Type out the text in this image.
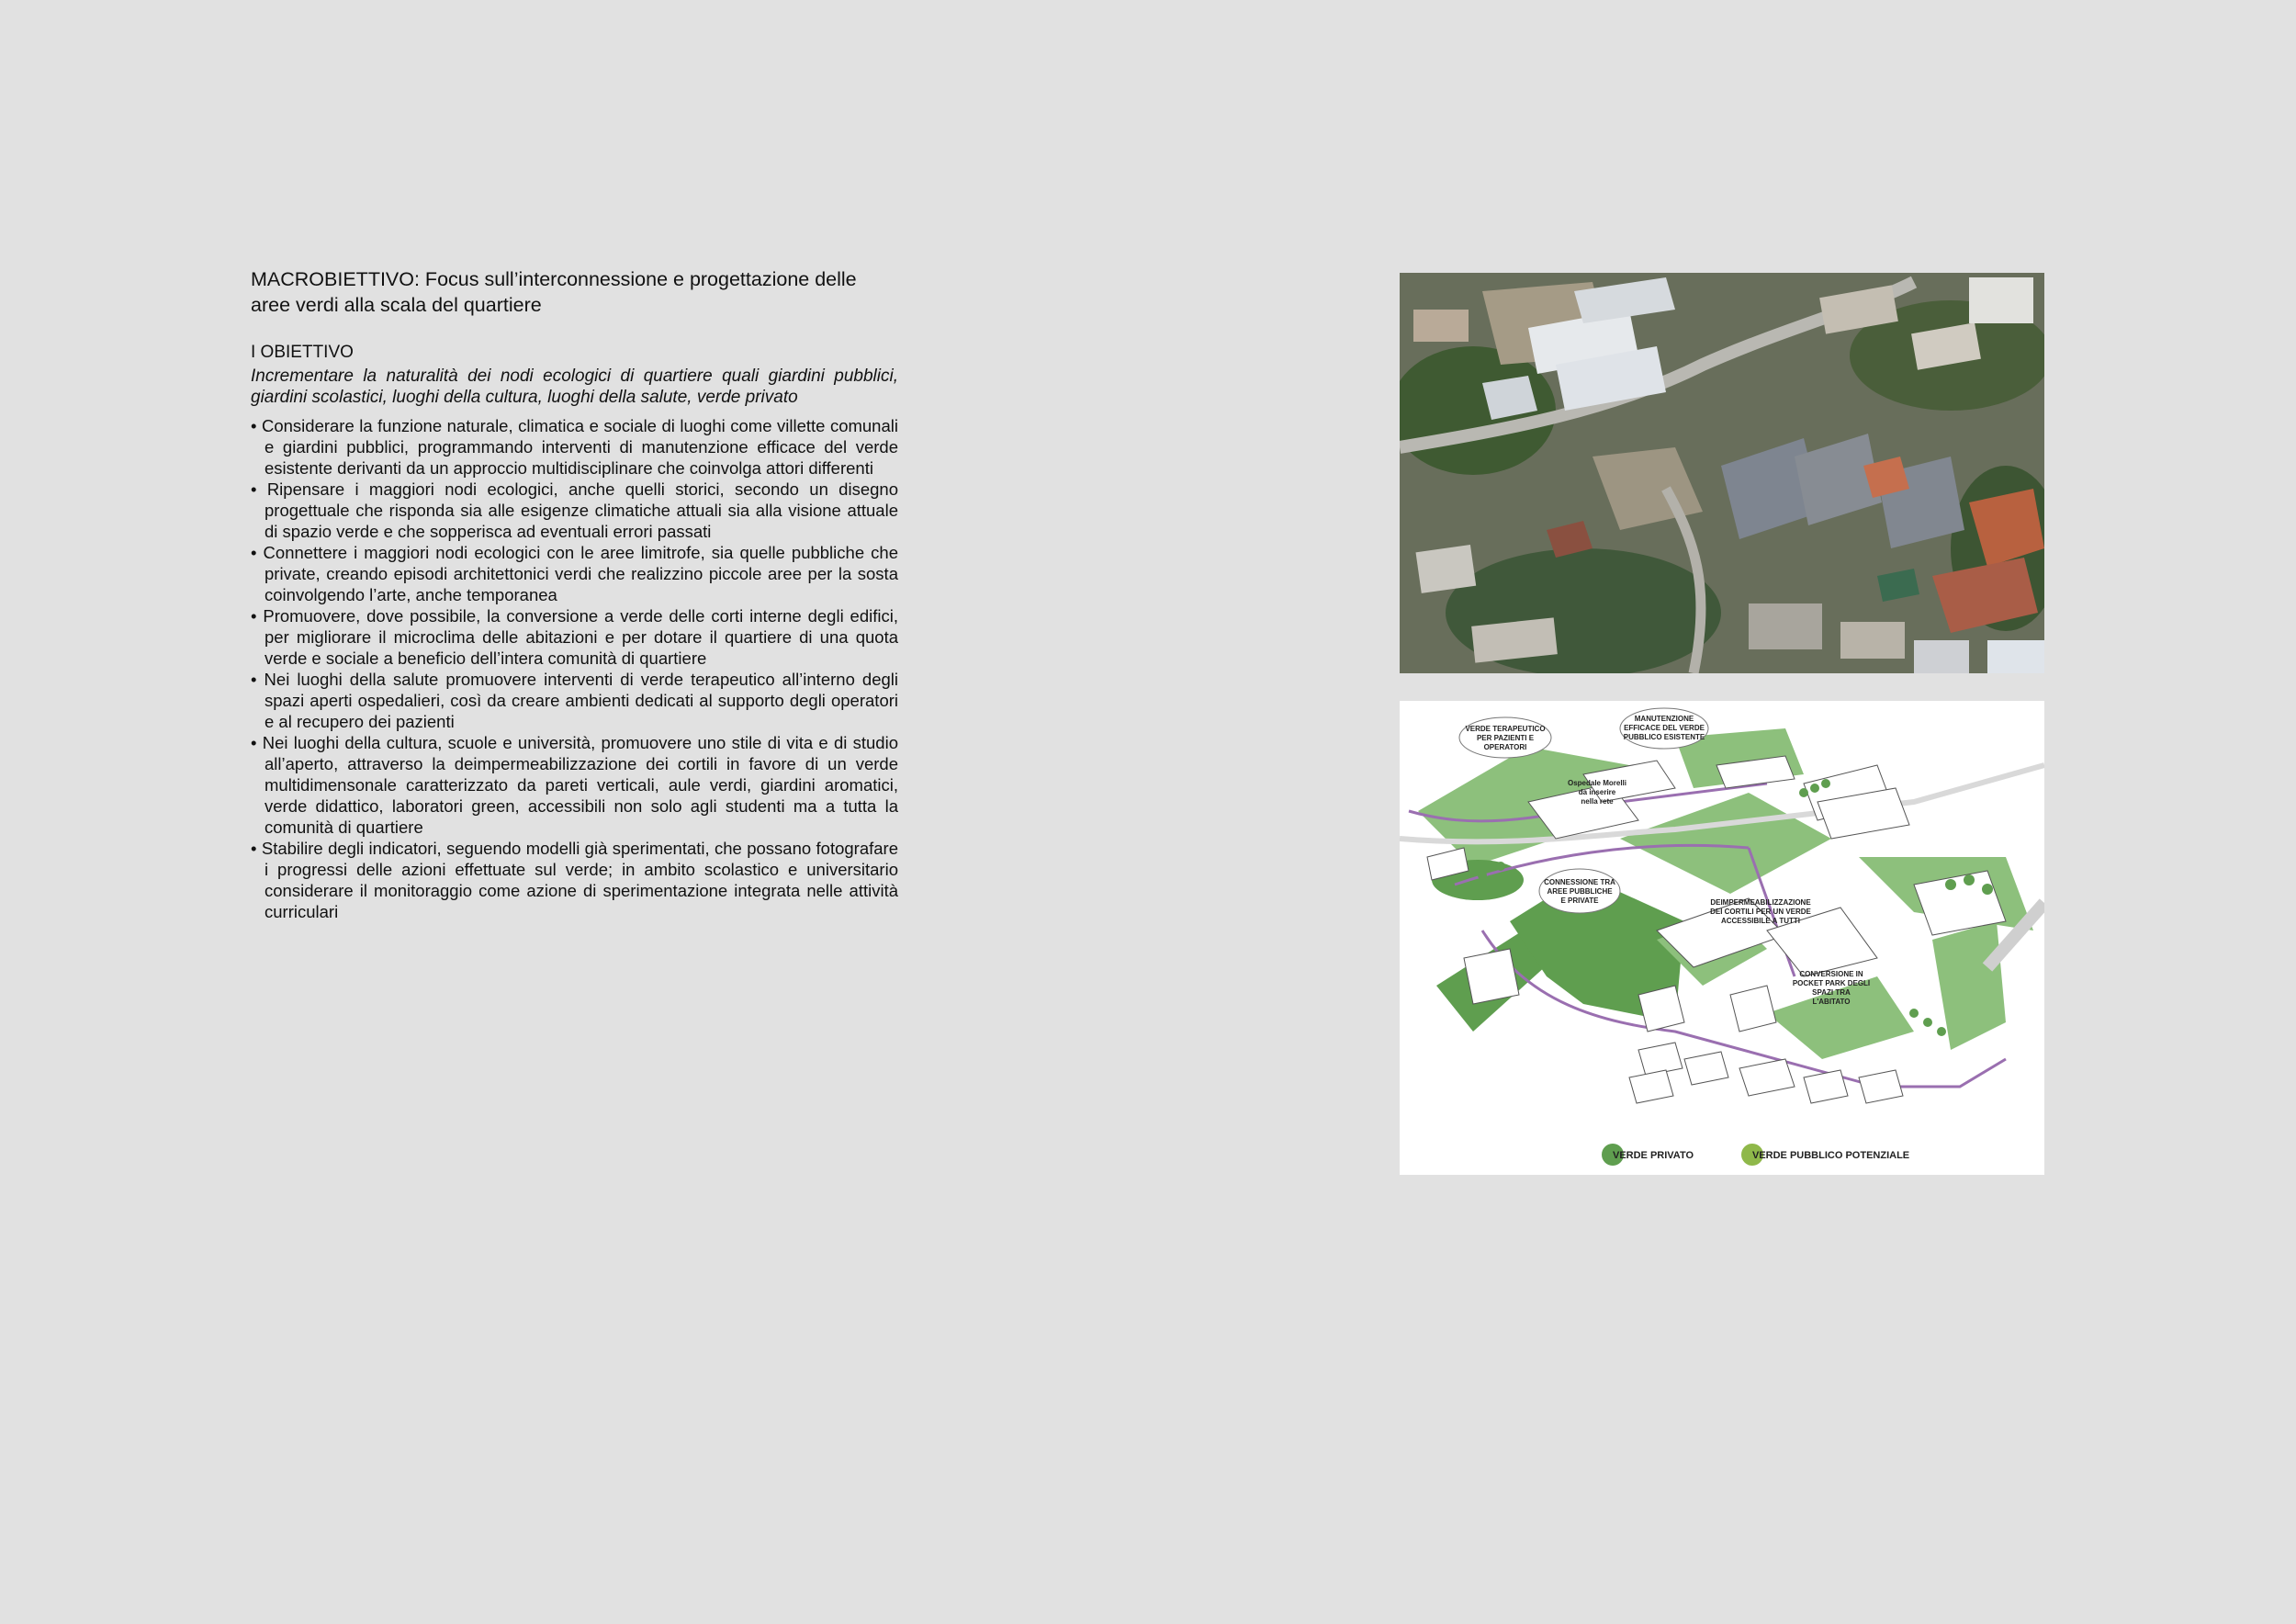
MACROBIETTIVO: Focus sull’interconnessione e progettazione delle
aree verdi alla scala del quartiere
I OBIETTIVO
Incrementare la naturalità dei nodi ecologici di quartiere quali giardini pubblici, giardini scolastici, luoghi della cultura, luoghi della salute, verde privato
• Considerare la funzione naturale, climatica e sociale di luoghi come villette comunali e giardini pubblici, programmando interventi di manutenzione efficace del verde esistente derivanti da un approccio multidisciplinare che coinvolga attori differenti
• Ripensare i maggiori nodi ecologici, anche quelli storici, secondo un disegno progettuale che risponda sia alle esigenze climatiche attuali sia alla visione attuale di spazio verde e che sopperisca ad eventuali errori passati
• Connettere i maggiori nodi ecologici con le aree limitrofe, sia quelle pubbliche che private, creando episodi architettonici verdi che realizzino piccole aree per la sosta coinvolgendo l’arte, anche temporanea
• Promuovere, dove possibile, la conversione a verde delle corti interne degli edifici, per migliorare il microclima delle abitazioni e per dotare il quartiere di una quota verde e sociale a beneficio dell’intera comunità di quartiere
• Nei luoghi della salute promuovere interventi di verde terapeutico all’interno degli spazi aperti ospedalieri, così da creare ambienti dedicati al supporto degli operatori e al recupero dei pazienti
• Nei luoghi della cultura, scuole e università, promuovere uno stile di vita e di studio all’aperto, attraverso la deimpermeabilizzazione dei cortili in favore di un verde multidimensonale caratterizzato da pareti verticali, aule verdi, giardini aromatici, verde didattico, laboratori green, accessibili non solo agli studenti ma a tutta la comunità di quartiere
• Stabilire degli indicatori, seguendo modelli già sperimentati, che possano fotografare i progressi delle azioni effettuate sul verde; in ambito scolastico e universitario considerare il monitoraggio come azione di sperimentazione integrata nelle attività curriculari
VERDE TERAPEUTICO
PER PAZIENTI E
OPERATORI
MANUTENZIONE
EFFICACE DEL VERDE
PUBBLICO ESISTENTE
Ospedale Morelli
da inserire
nella rete
CONNESSIONE TRA
AREE PUBBLICHE
E PRIVATE	DEIMPERMEABILIZZAZIONE
DEI CORTILI PER UN VERDE
ACCESSIBILE A TUTTI
CONVERSIONE IN
POCKET PARK DEGLI
SPAZI TRA
L'ABITATO
VERDE PRIVATO	VERDE PUBBLICO POTENZIALE
